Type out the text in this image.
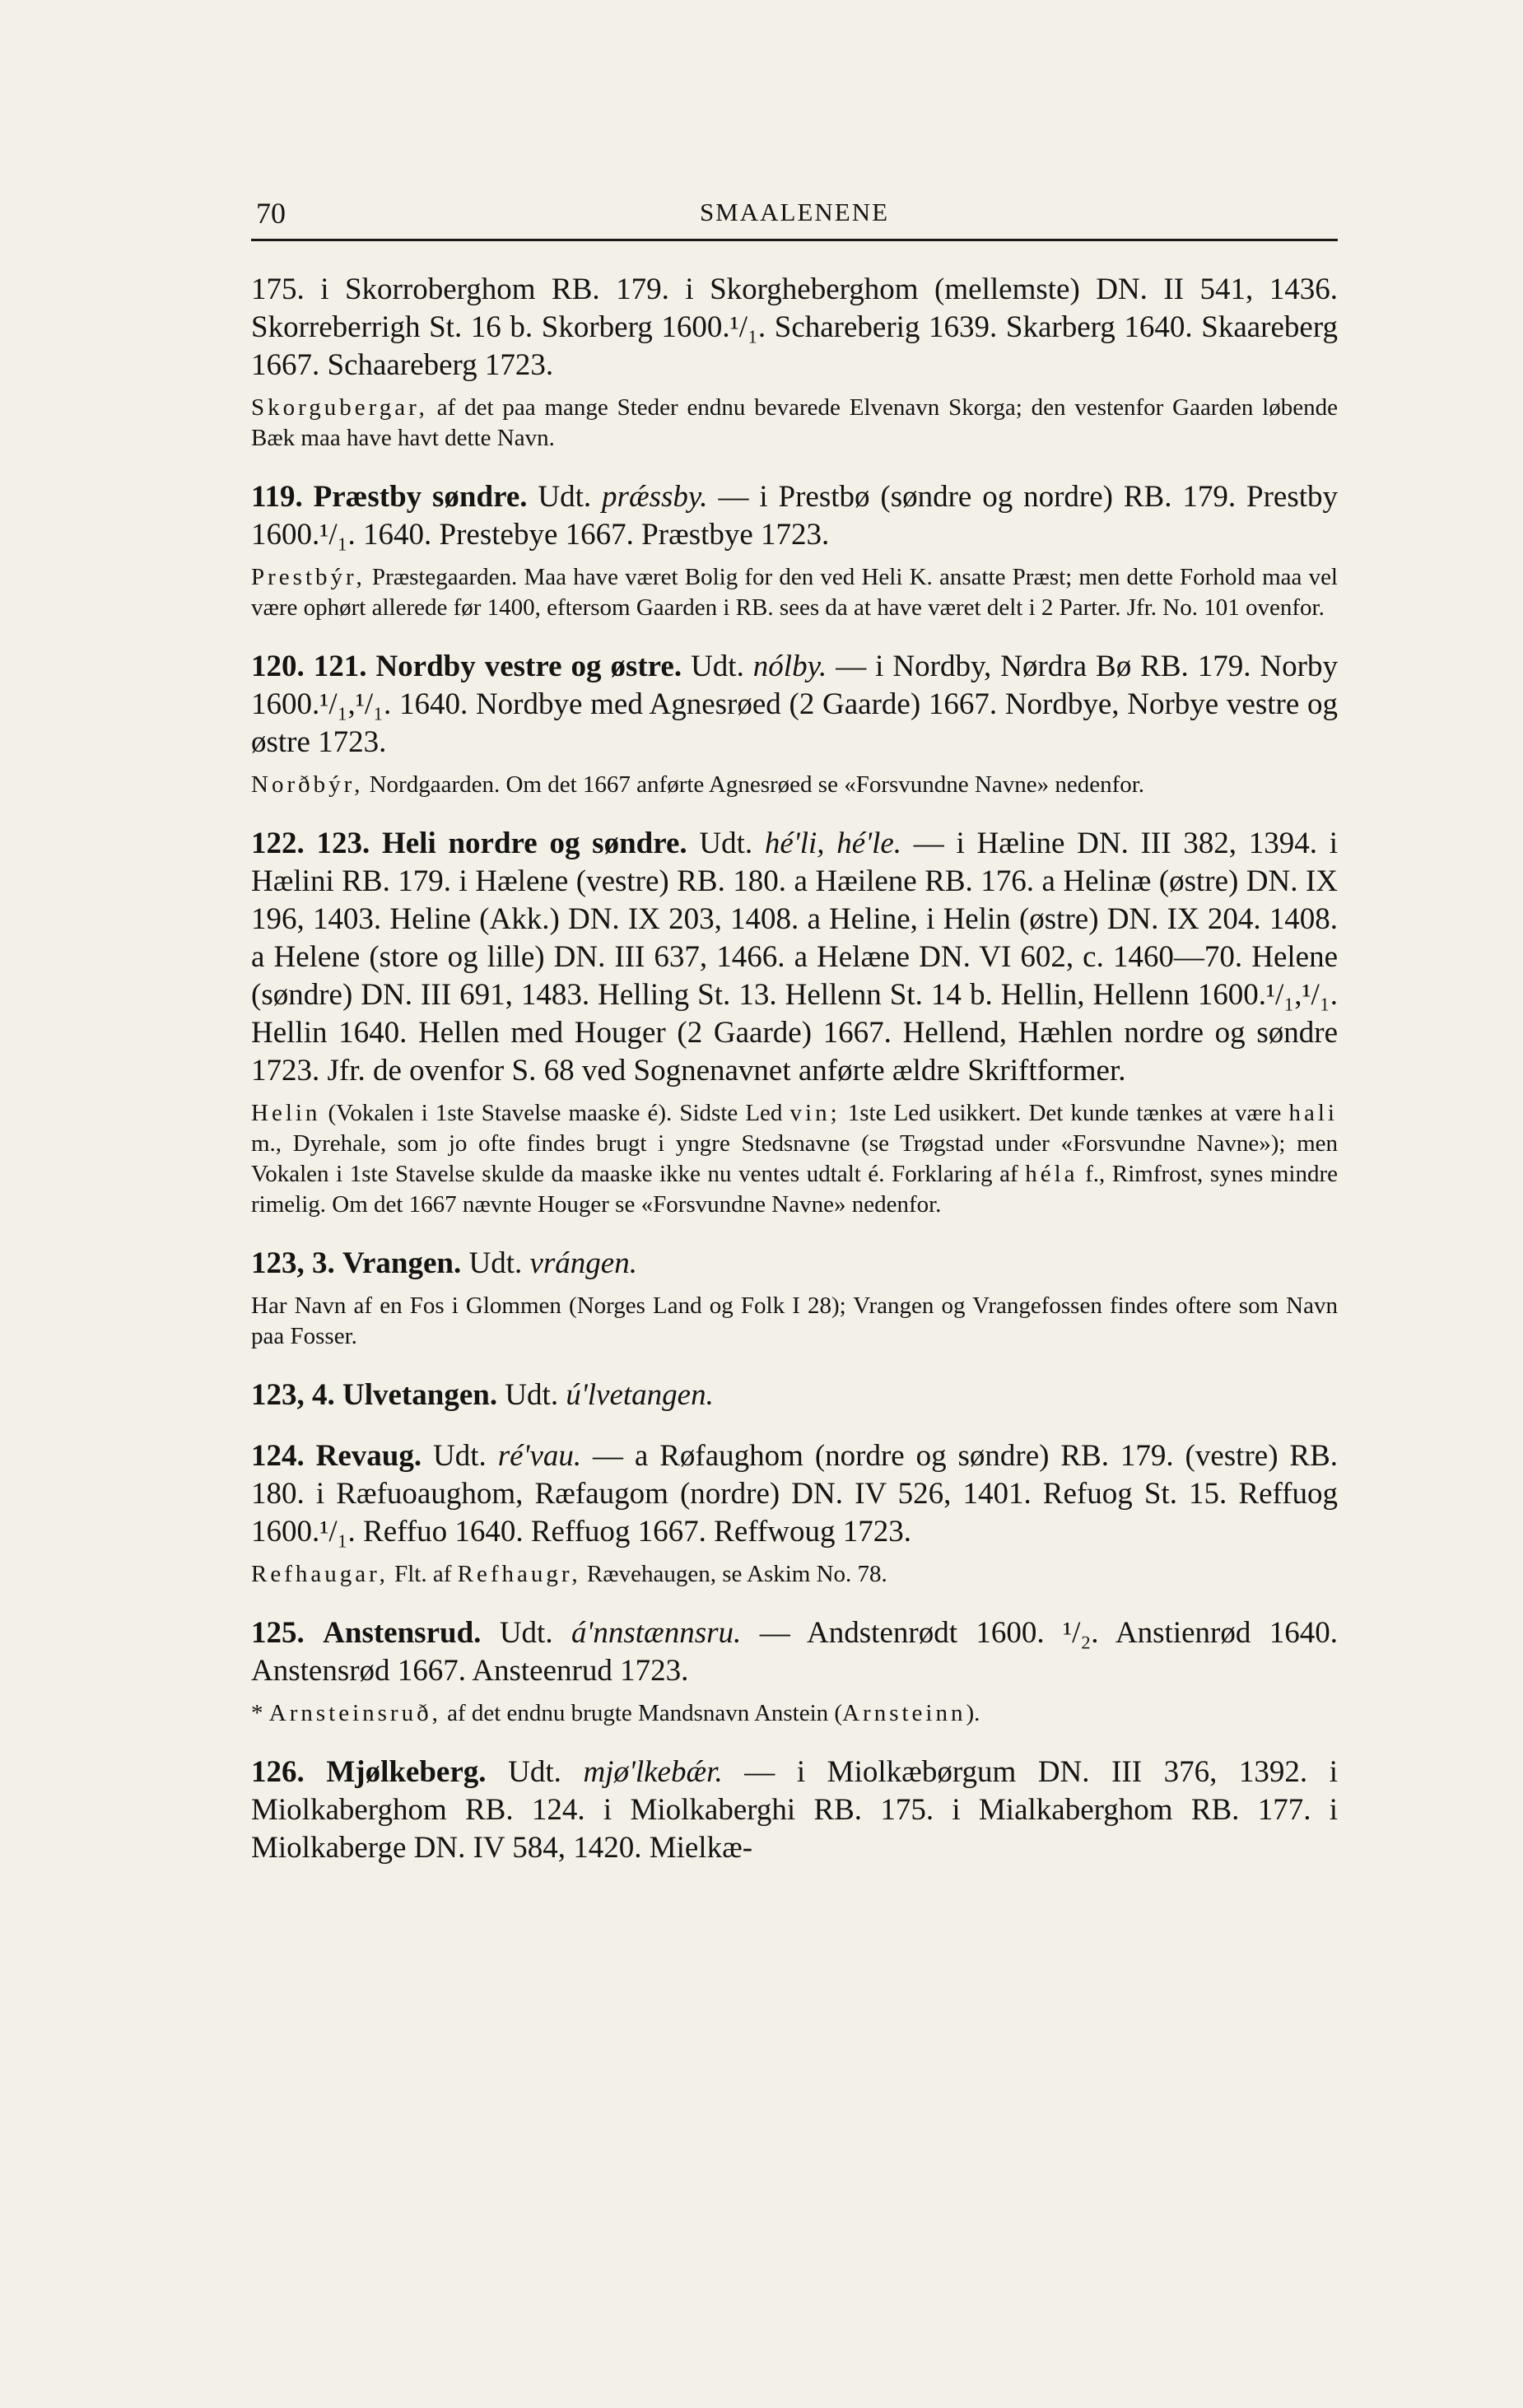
70	SMAALENENE

175. i Skorroberghom RB. 179. i Skorgheberghom (mellemste) DN. II 541, 1436. Skorreberrigh St. 16 b. Skorberg 1600.¹/₁. Schareberig 1639. Skarberg 1640. Skaareberg 1667. Schaareberg 1723.

Skorgubergar, af det paa mange Steder endnu bevarede Elvenavn Skorga; den vestenfor Gaarden løbende Bæk maa have havt dette Navn.

119. Præstby søndre. Udt. prǽssby. — i Prestbø (søndre og nordre) RB. 179. Prestby 1600.¹/₁. 1640. Prestebye 1667. Præstbye 1723.

Prestbýr, Præstegaarden. Maa have været Bolig for den ved Heli K. ansatte Præst; men dette Forhold maa vel være ophørt allerede før 1400, eftersom Gaarden i RB. sees da at have været delt i 2 Parter. Jfr. No. 101 ovenfor.

120. 121. Nordby vestre og østre. Udt. nólby. — i Nordby, Nørdra Bø RB. 179. Norby 1600.¹/₁,¹/₁. 1640. Nordbye med Agnesrøed (2 Gaarde) 1667. Nordbye, Norbye vestre og østre 1723.

Norðbýr, Nordgaarden. Om det 1667 anførte Agnesrøed se «Forsvundne Navne» nedenfor.

122. 123. Heli nordre og søndre. Udt. hé'li, hé'le. — i Hæline DN. III 382, 1394. i Hælini RB. 179. i Hælene (vestre) RB. 180. a Hæilene RB. 176. a Helinæ (østre) DN. IX 196, 1403. Heline (Akk.) DN. IX 203, 1408. a Heline, i Helin (østre) DN. IX 204. 1408. a Helene (store og lille) DN. III 637, 1466. a Helæne DN. VI 602, c. 1460—70. Helene (søndre) DN. III 691, 1483. Helling St. 13. Hellenn St. 14 b. Hellin, Hellenn 1600.¹/₁,¹/₁. Hellin 1640. Hellen med Houger (2 Gaarde) 1667. Hellend, Hæhlen nordre og søndre 1723. Jfr. de ovenfor S. 68 ved Sognenavnet anførte ældre Skriftformer.

Helin (Vokalen i 1ste Stavelse maaske é). Sidste Led vin; 1ste Led usikkert. Det kunde tænkes at være hali m., Dyrehale, som jo ofte findes brugt i yngre Stedsnavne (se Trøgstad under «Forsvundne Navne»); men Vokalen i 1ste Stavelse skulde da maaske ikke nu ventes udtalt é. Forklaring af héla f., Rimfrost, synes mindre rimelig. Om det 1667 nævnte Houger se «Forsvundne Navne» nedenfor.

123, 3. Vrangen. Udt. vrángen.

Har Navn af en Fos i Glommen (Norges Land og Folk I 28); Vrangen og Vrangefossen findes oftere som Navn paa Fosser.

123, 4. Ulvetangen. Udt. ú'lvetangen.

124. Revaug. Udt. ré'vau. — a Røfaughom (nordre og søndre) RB. 179. (vestre) RB. 180. i Ræfuoaughom, Ræfaugom (nordre) DN. IV 526, 1401. Refuog St. 15. Reffuog 1600.¹/₁. Reffuo 1640. Reffuog 1667. Reffwoug 1723.

Refhaugar, Flt. af Refhaugr, Rævehaugen, se Askim No. 78.

125. Anstensrud. Udt. á'nnstænnsru. — Andstenrødt 1600. ¹/₂. Anstienrød 1640. Anstensrød 1667. Ansteenrud 1723.

* Arnsteinsruð, af det endnu brugte Mandsnavn Anstein (Arnsteinn).

126. Mjølkeberg. Udt. mjø'lkebǽr. — i Miolkæbørgum DN. III 376, 1392. i Miolkaberghom RB. 124. i Miolkaberghi RB. 175. i Mialkaberghom RB. 177. i Miolkaberge DN. IV 584, 1420. Mielkæ-
